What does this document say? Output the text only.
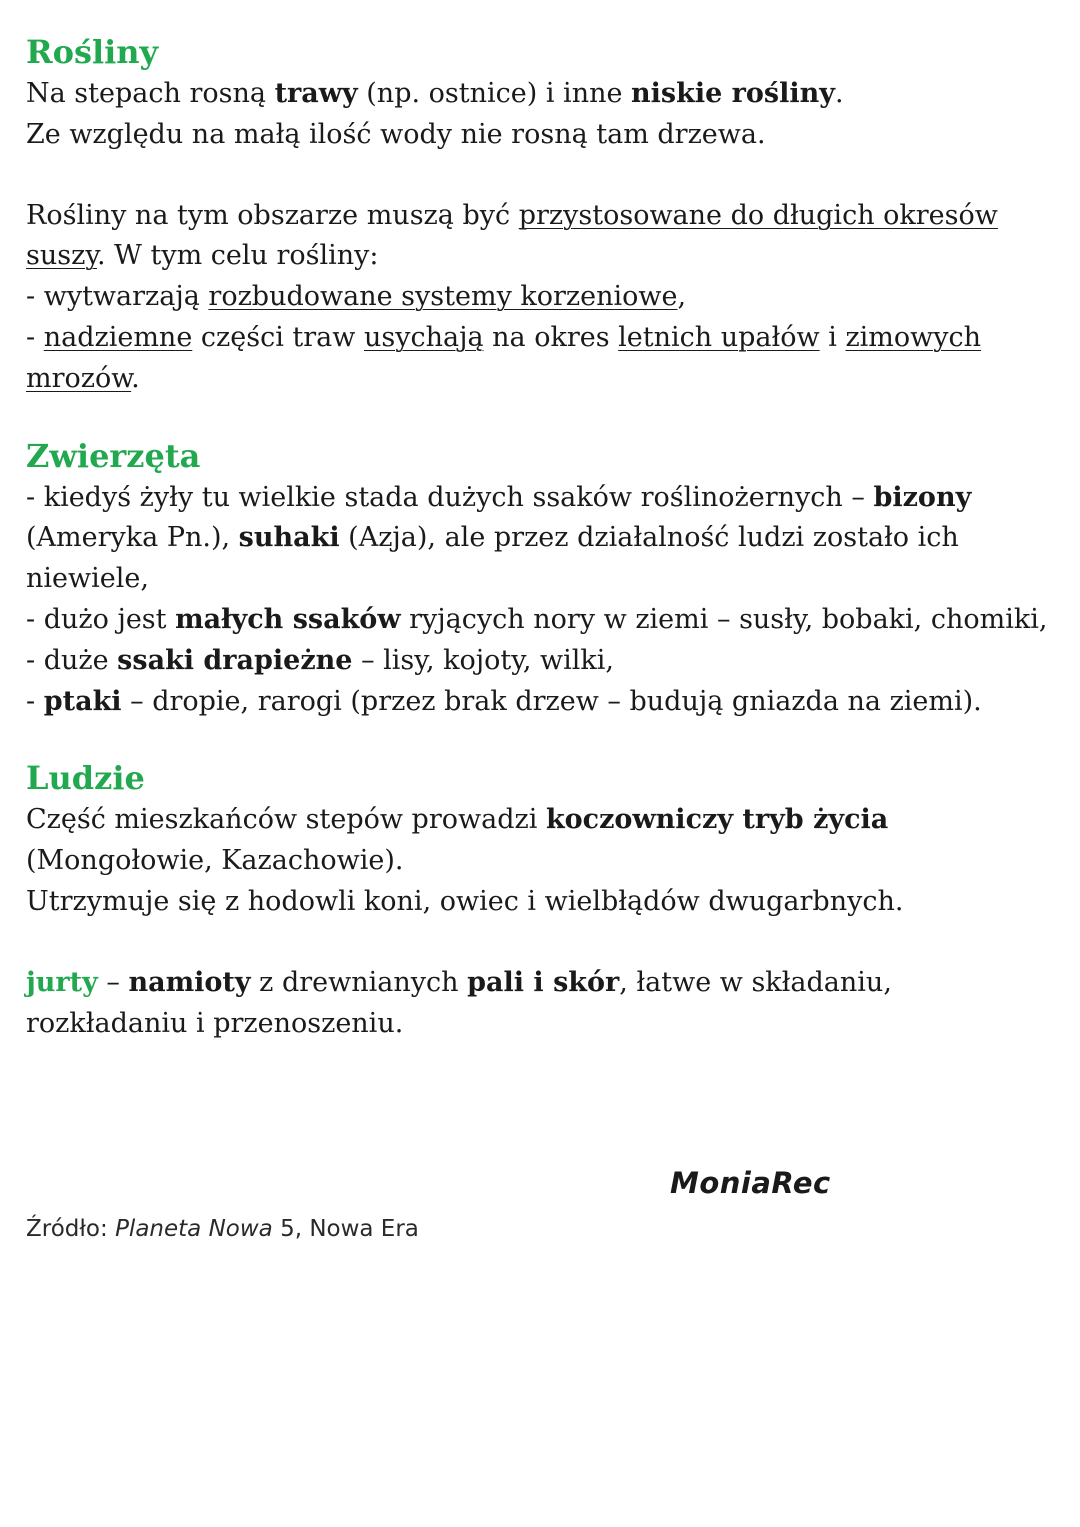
Rośliny

Na stepach rosną trawy (np. ostnice) i inne niskie rośliny.
Ze względu na małą ilość wody nie rosną tam drzewa.

Rośliny na tym obszarze muszą być przystosowane do długich okresów suszy. W tym celu rośliny:
- wytwarzają rozbudowane systemy korzeniowe,
- nadziemne części traw usychają na okres letnich upałów i zimowych mrozów.

Zwierzęta

- kiedyś żyły tu wielkie stada dużych ssaków roślinożernych – bizony (Ameryka Pn.), suhaki (Azja), ale przez działalność ludzi zostało ich niewiele,
- dużo jest małych ssaków ryjących nory w ziemi – susły, bobaki, chomiki,
- duże ssaki drapieżne – lisy, kojoty, wilki,
- ptaki – dropie, rarogi (przez brak drzew – budują gniazda na ziemi).

Ludzie

Część mieszkańców stepów prowadzi koczowniczy tryb życia
(Mongołowie, Kazachowie).
Utrzymuje się z hodowli koni, owiec i wielbłądów dwugarbnych.

jurty – namioty z drewnianych pali i skór, łatwe w składaniu,
rozkładaniu i przenoszeniu.

MoniaRec
Źródło: Planeta Nowa 5, Nowa Era
